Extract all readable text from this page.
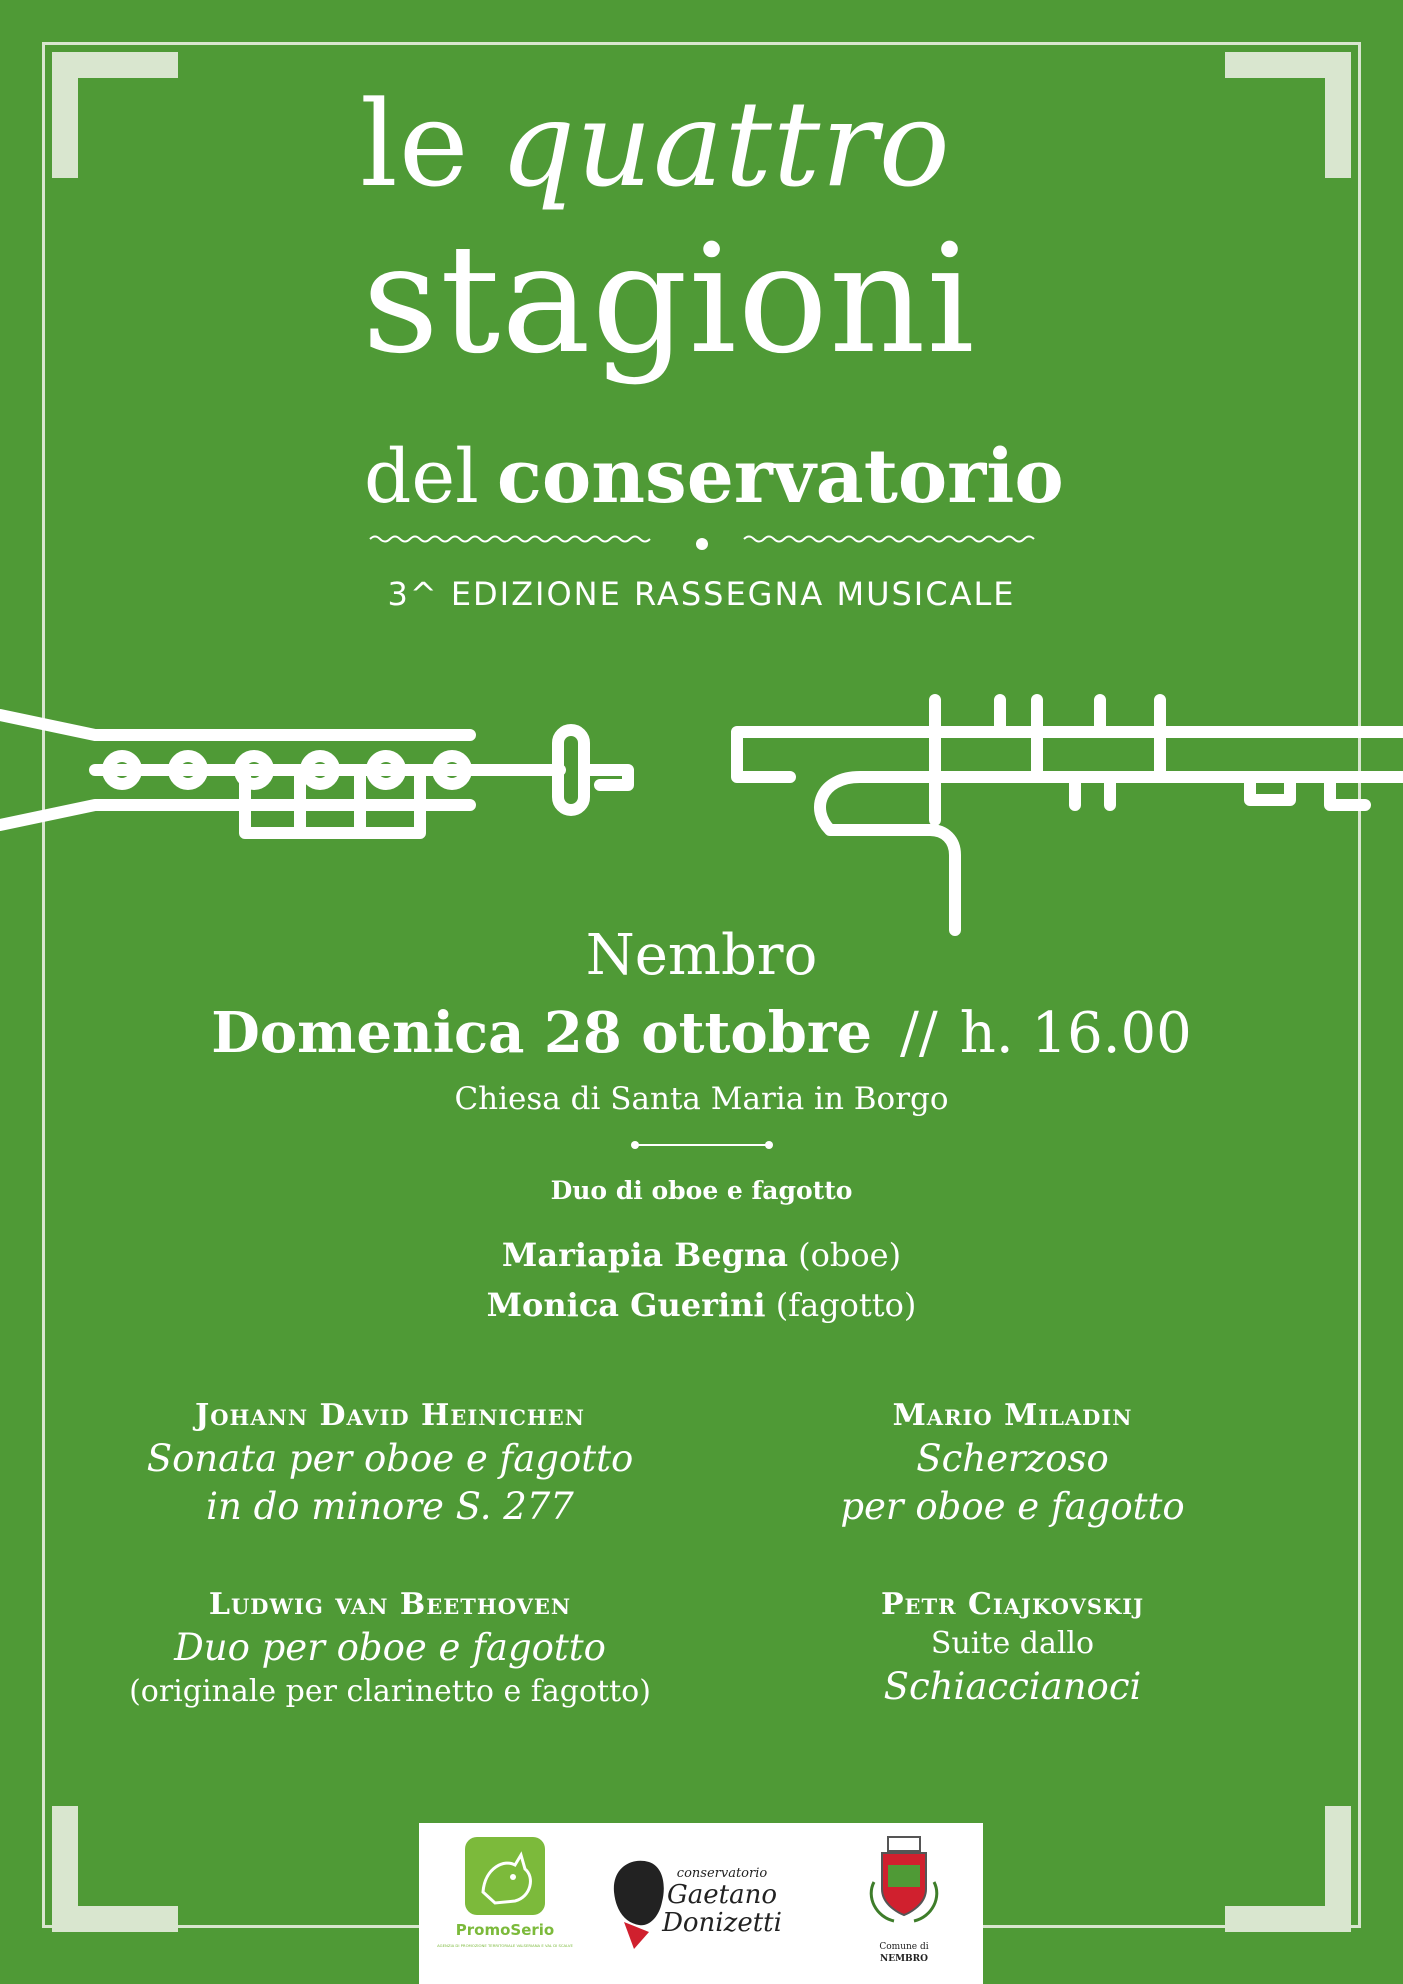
le quattro
stagioni
del conservatorio
3^ EDIZIONE RASSEGNA MUSICALE
Nembro
Domenica 28 ottobre // h. 16.00
Chiesa di Santa Maria in Borgo
Duo di oboe e fagotto
Mariapia Begna (oboe)
Monica Guerini (fagotto)
Johann David Heinichen
Sonata per oboe e fagotto
in do minore S. 277
Mario Miladin
Scherzoso
per oboe e fagotto
Ludwig van Beethoven
Duo per oboe e fagotto
(originale per clarinetto e fagotto)
Petr Ciajkovskij
Suite dallo
Schiaccianoci
PromoSerio
AGENZIA DI PROMOZIONE TERRITORIALE VALSERIANA E VAL DI SCALVE
conservatorio
Gaetano
Donizetti
Comune di
NEMBRO
